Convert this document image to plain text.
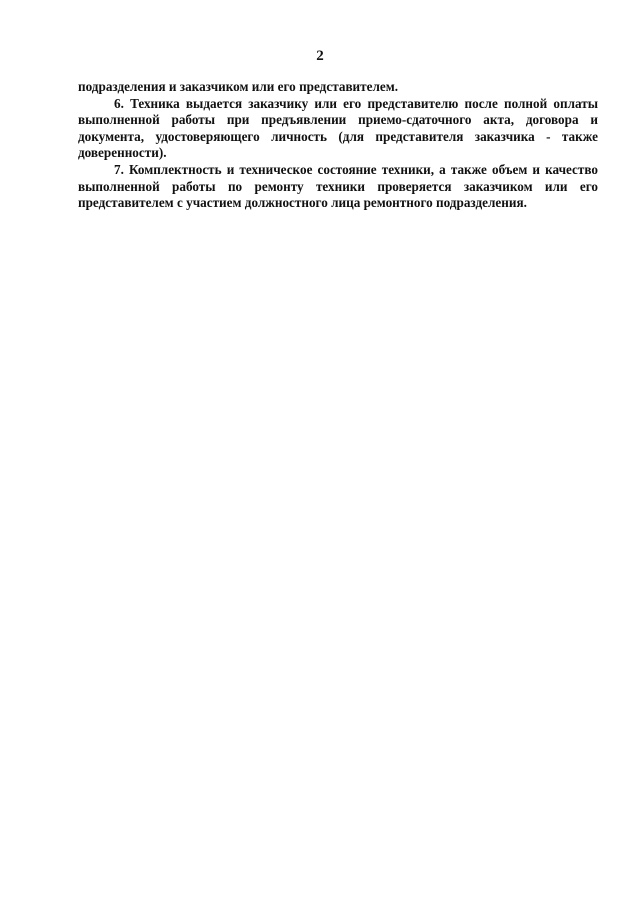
2

подразделения и заказчиком или его представителем.

6. Техника выдается заказчику или его представителю после полной оплаты выполненной работы при предъявлении приемо-сдаточного акта, договора и документа, удостоверяющего личность (для представителя заказчика - также доверенности).

7. Комплектность и техническое состояние техники, а также объем и качество выполненной работы по ремонту техники проверяется заказчиком или его представителем с участием должностного лица ремонтного подразделения.
